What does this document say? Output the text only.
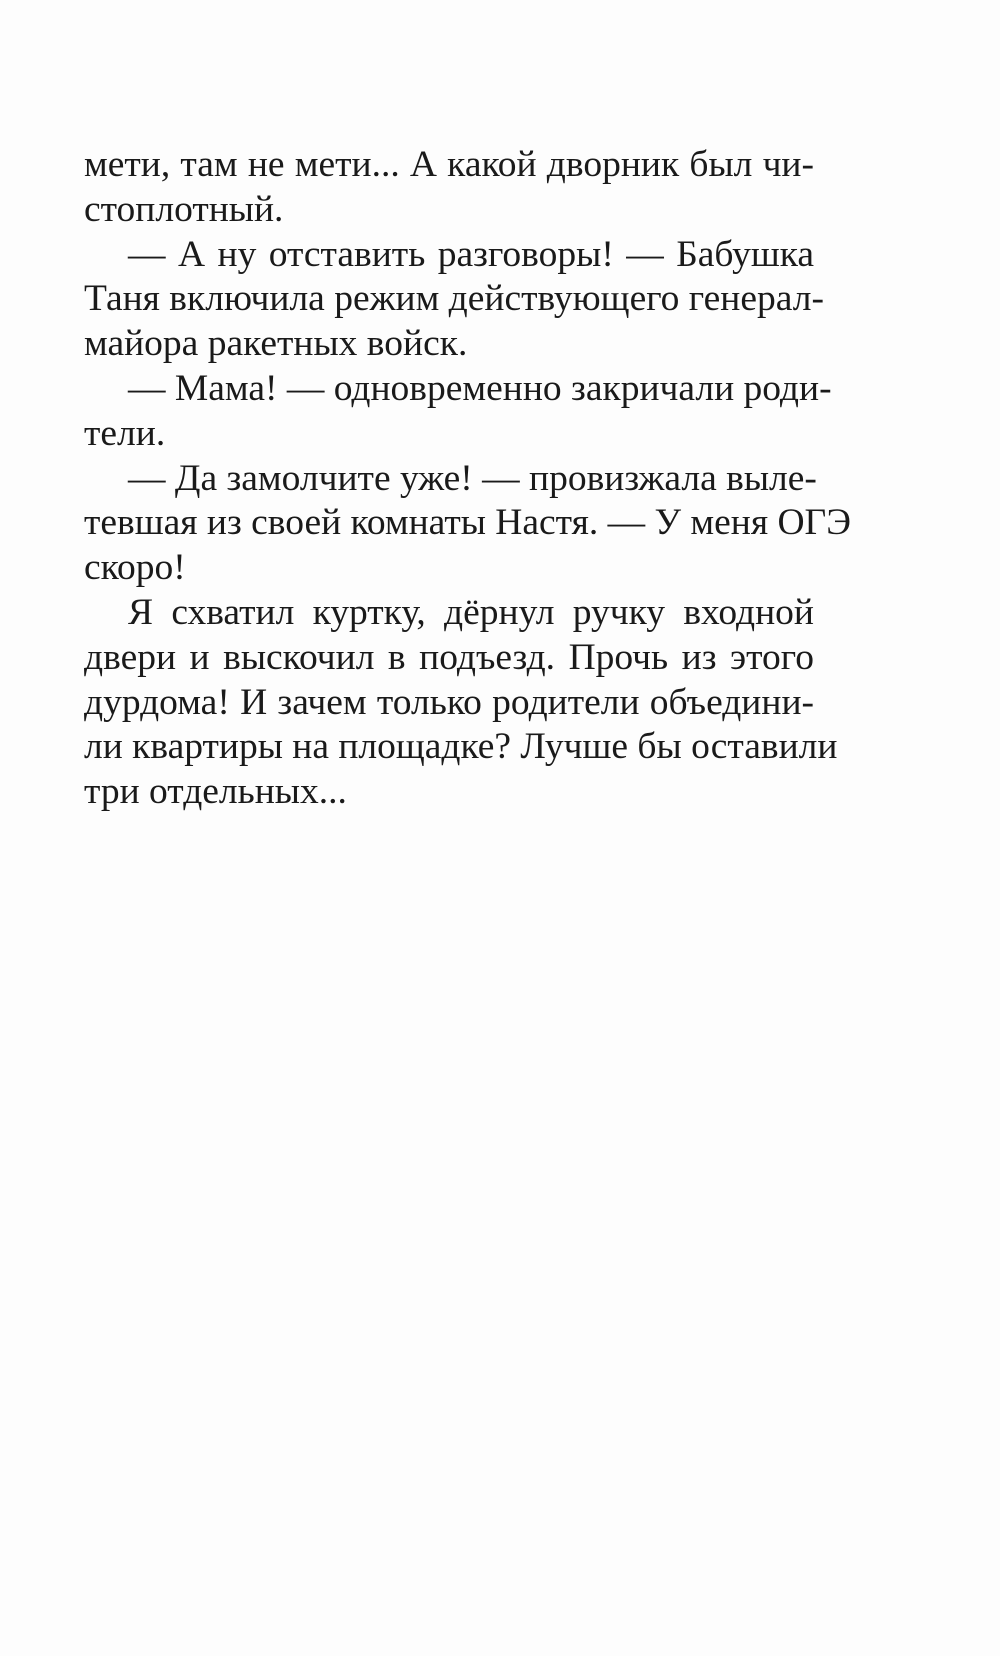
мети, там не мети... А какой дворник был чи-
стоплотный.
— А ну отставить разговоры! — Бабушка
Таня включила режим действующего генерал-
майора ракетных войск.
— Мама! — одновременно закричали роди-
тели.
— Да замолчите уже! — провизжала выле-
тевшая из своей комнаты Настя. — У меня ОГЭ
скоро!
Я схватил куртку, дёрнул ручку входной
двери и выскочил в подъезд. Прочь из этого
дурдома! И зачем только родители объедини-
ли квартиры на площадке? Лучше бы оставили
три отдельных...
